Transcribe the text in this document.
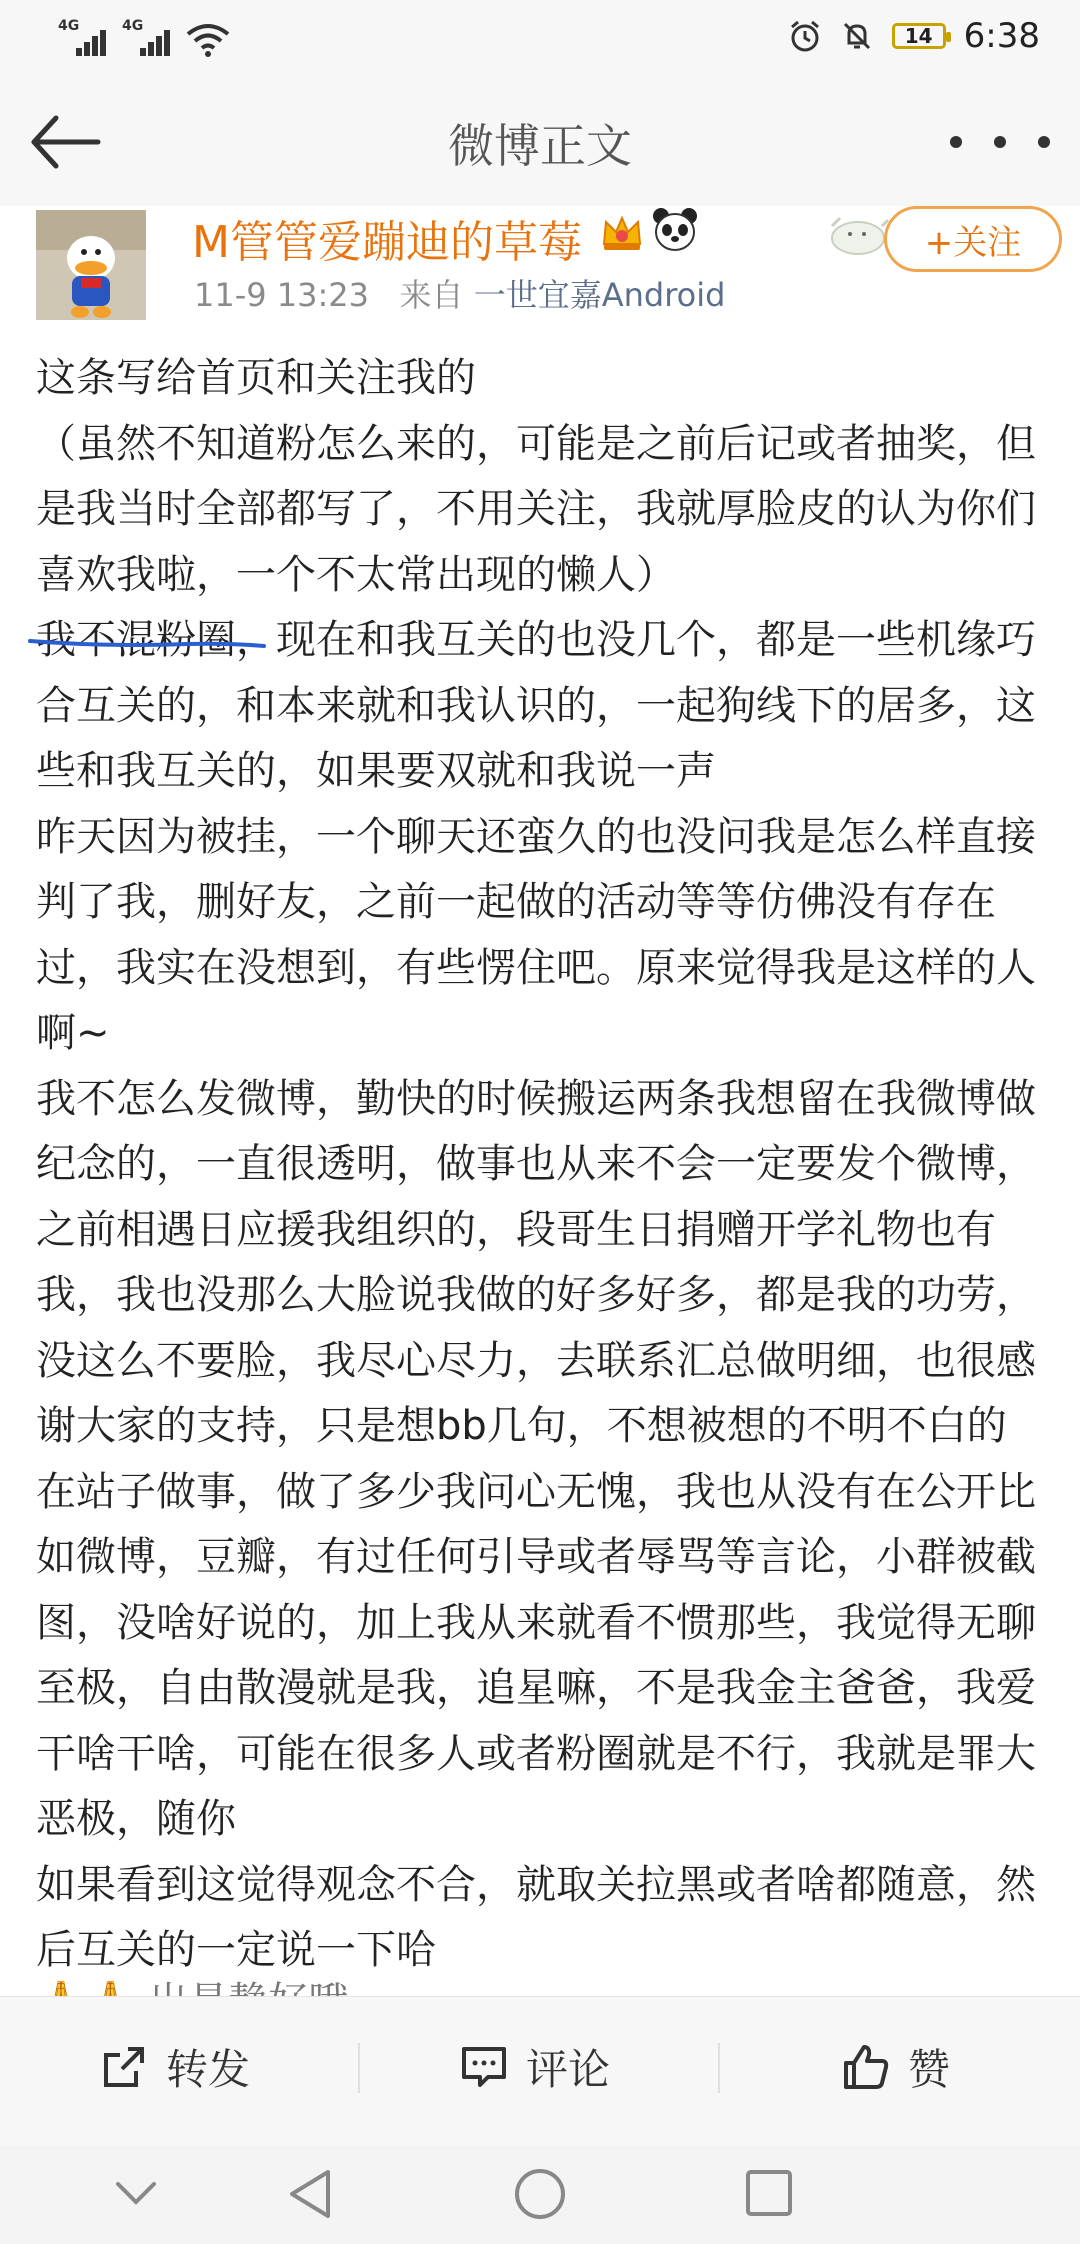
4G	4G	14 6:38
微博正文
M管管爱蹦迪的草莓
11-9 13:23 来自 一世宜嘉Android
+关注

这条写给首页和关注我的

（虽然不知道粉怎么来的，可能是之前后记或者抽奖，但是我当时全部都写了，不用关注，我就厚脸皮的认为你们喜欢我啦，一个不太常出现的懒人）

我不混粉圈，现在和我互关的也没几个，都是一些机缘巧合互关的，和本来就和我认识的，一起狗线下的居多，这些和我互关的，如果要双就和我说一声

昨天因为被挂，一个聊天还蛮久的也没问我是怎么样直接判了我，删好友，之前一起做的活动等等仿佛没有存在过，我实在没想到，有些愣住吧。原来觉得我是这样的人啊~

我不怎么发微博，勤快的时候搬运两条我想留在我微博做纪念的，一直很透明，做事也从来不会一定要发个微博，之前相遇日应援我组织的，段哥生日捐赠开学礼物也有我，我也没那么大脸说我做的好多好多，都是我的功劳，没这么不要脸，我尽心尽力，去联系汇总做明细，也很感谢大家的支持，只是想bb几句，不想被想的不明不白的

在站子做事，做了多少我问心无愧，我也从没有在公开比如微博，豆瓣，有过任何引导或者辱骂等言论，小群被截图，没啥好说的，加上我从来就看不惯那些，我觉得无聊至极，自由散漫就是我，追星嘛，不是我金主爸爸，我爱干啥干啥，可能在很多人或者粉圈就是不行，我就是罪大恶极，随你

如果看到这觉得观念不合，就取关拉黑或者啥都随意，然后互关的一定说一下哈

转发	评论	赞
